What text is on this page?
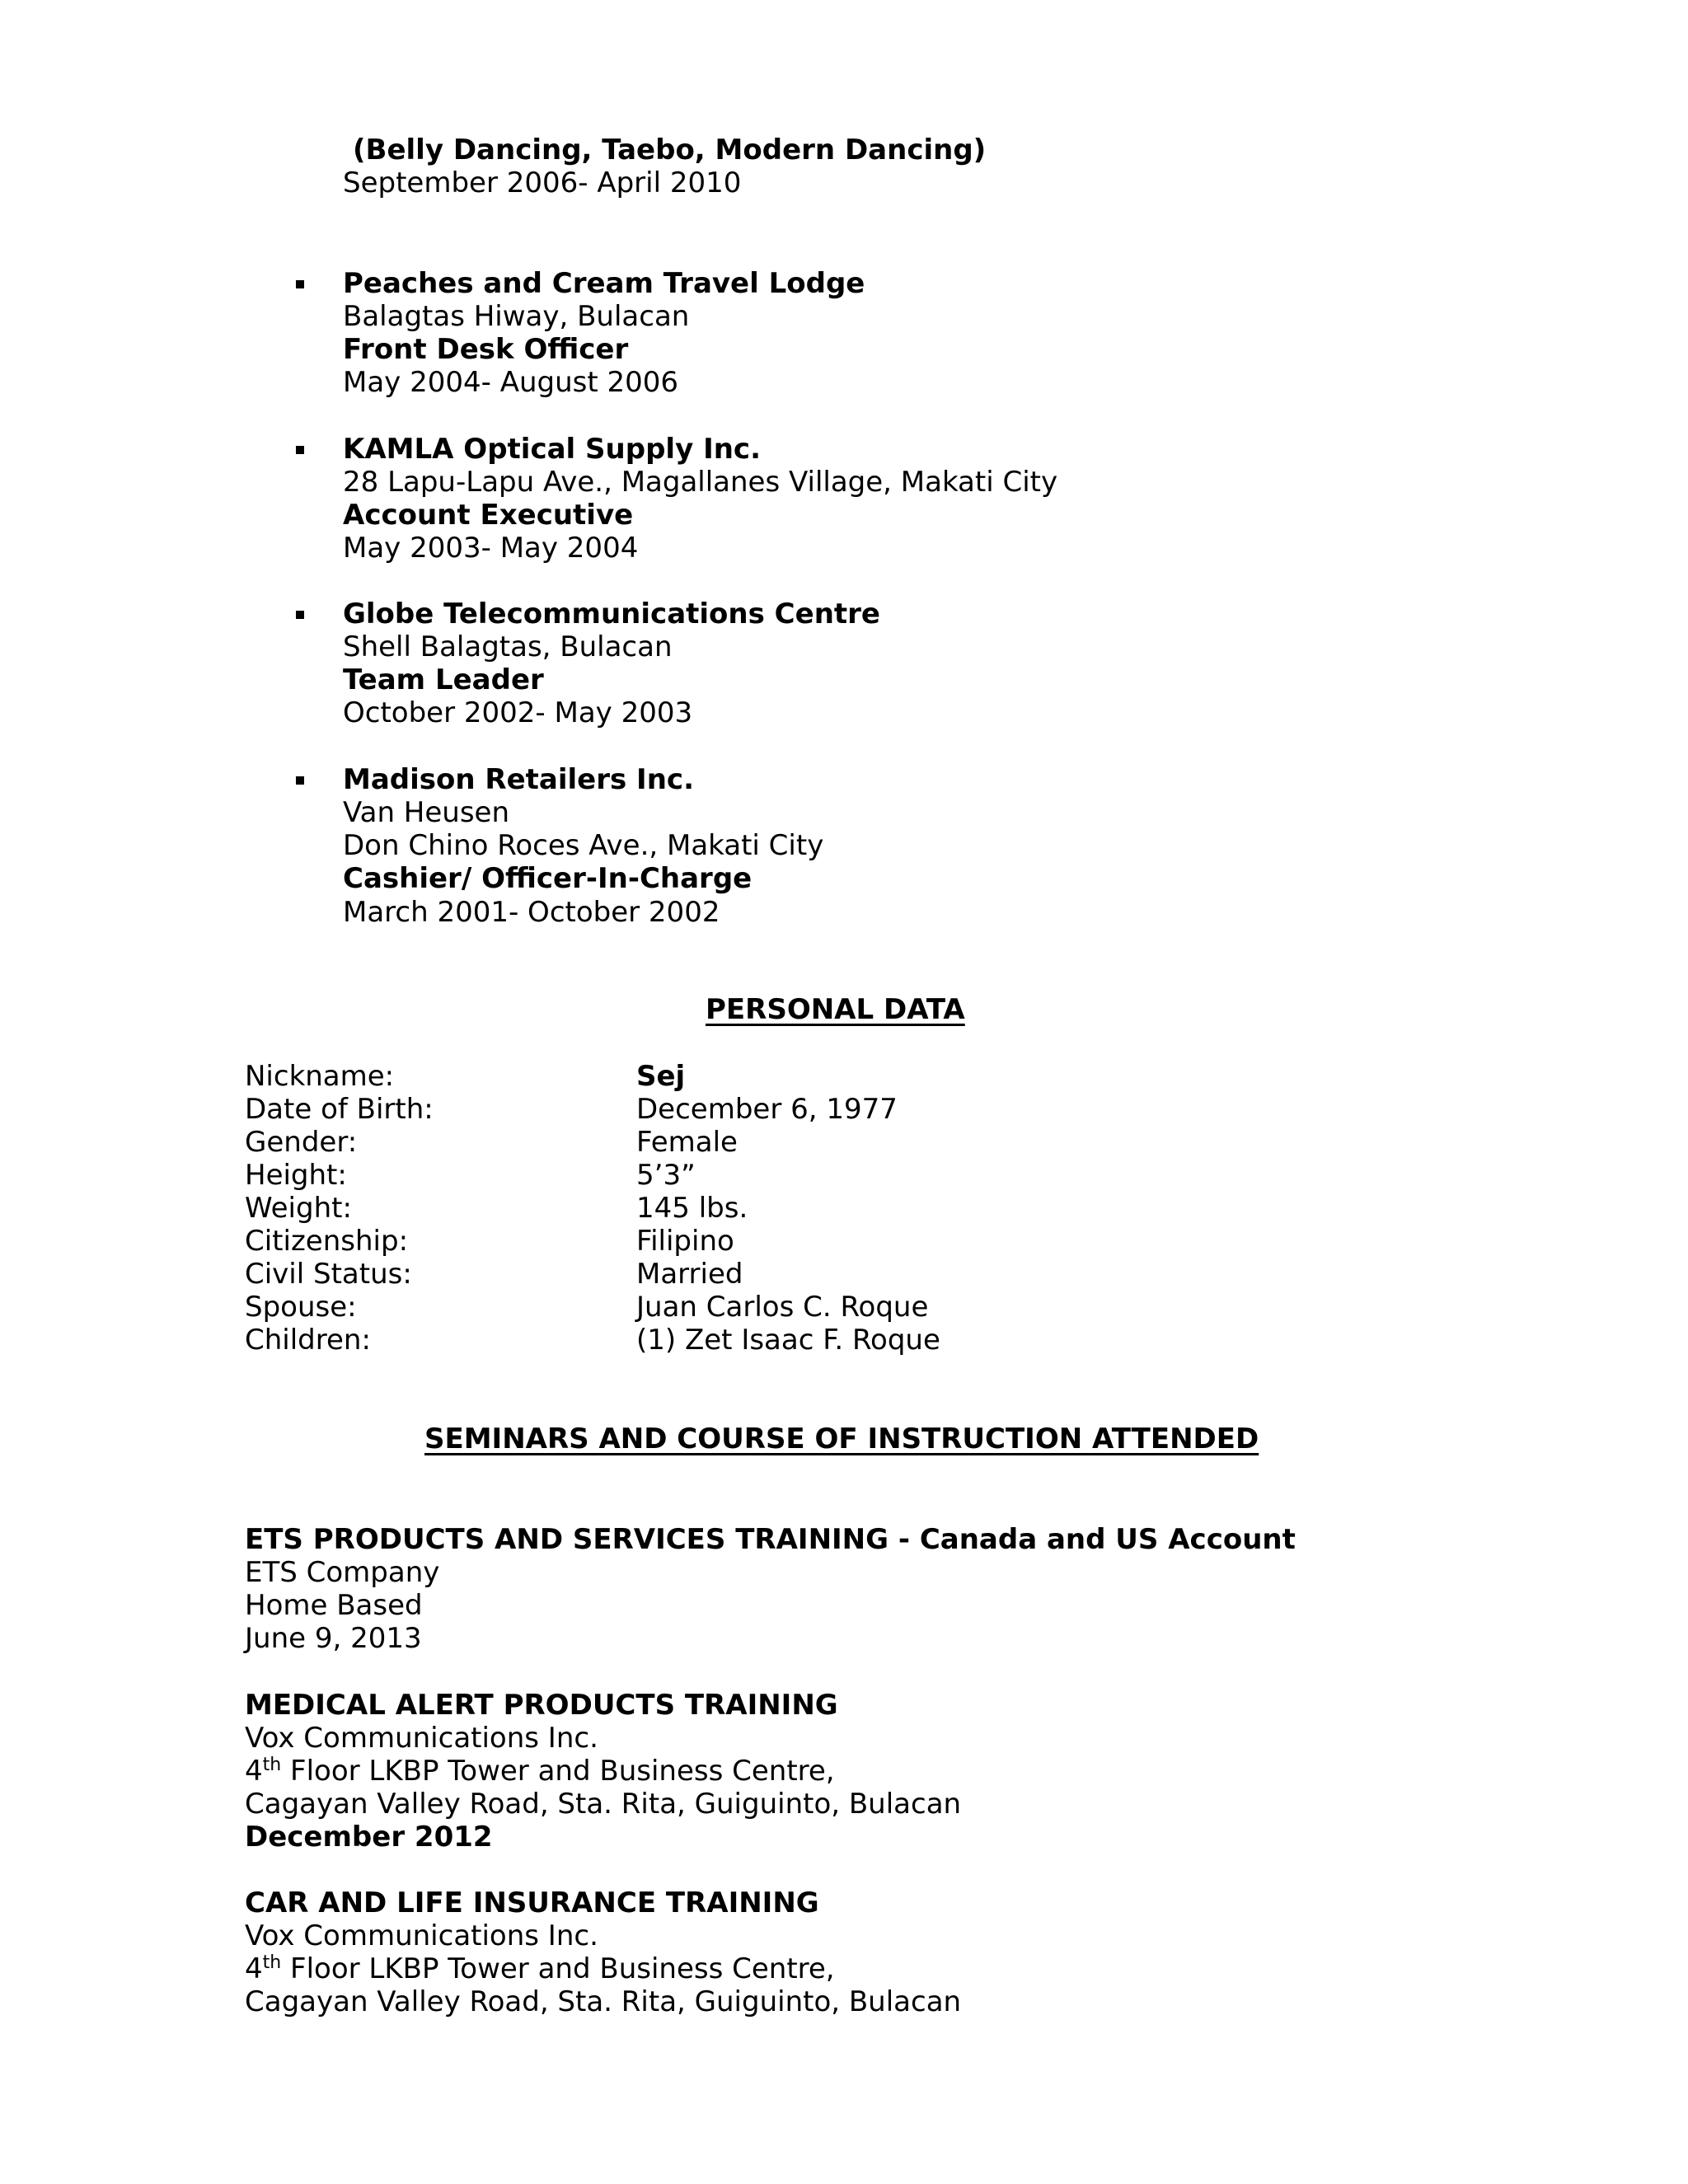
(Belly Dancing, Taebo, Modern Dancing)
September 2006- April 2010
Peaches and Cream Travel Lodge
Balagtas Hiway, Bulacan
Front Desk Officer
May 2004- August 2006
KAMLA Optical Supply Inc.
28 Lapu-Lapu Ave., Magallanes Village, Makati City
Account Executive
May 2003- May 2004
Globe Telecommunications Centre
Shell Balagtas, Bulacan
Team Leader
October 2002- May 2003
Madison Retailers Inc.
Van Heusen
Don Chino Roces Ave., Makati City
Cashier/ Officer-In-Charge
March 2001- October 2002
PERSONAL DATA
Nickname:	Sej
Date of Birth:	December 6, 1977
Gender:	Female
Height:	5’3”
Weight:	145 lbs.
Citizenship:	Filipino
Civil Status:	Married
Spouse:	Juan Carlos C. Roque
Children:	(1) Zet Isaac F. Roque
SEMINARS AND COURSE OF INSTRUCTION ATTENDED
ETS PRODUCTS AND SERVICES TRAINING - Canada and US Account
ETS Company
Home Based
June 9, 2013
MEDICAL ALERT PRODUCTS TRAINING
Vox Communications Inc.
4th Floor LKBP Tower and Business Centre,
Cagayan Valley Road, Sta. Rita, Guiguinto, Bulacan
December 2012
CAR AND LIFE INSURANCE TRAINING
Vox Communications Inc.
4th Floor LKBP Tower and Business Centre,
Cagayan Valley Road, Sta. Rita, Guiguinto, Bulacan
